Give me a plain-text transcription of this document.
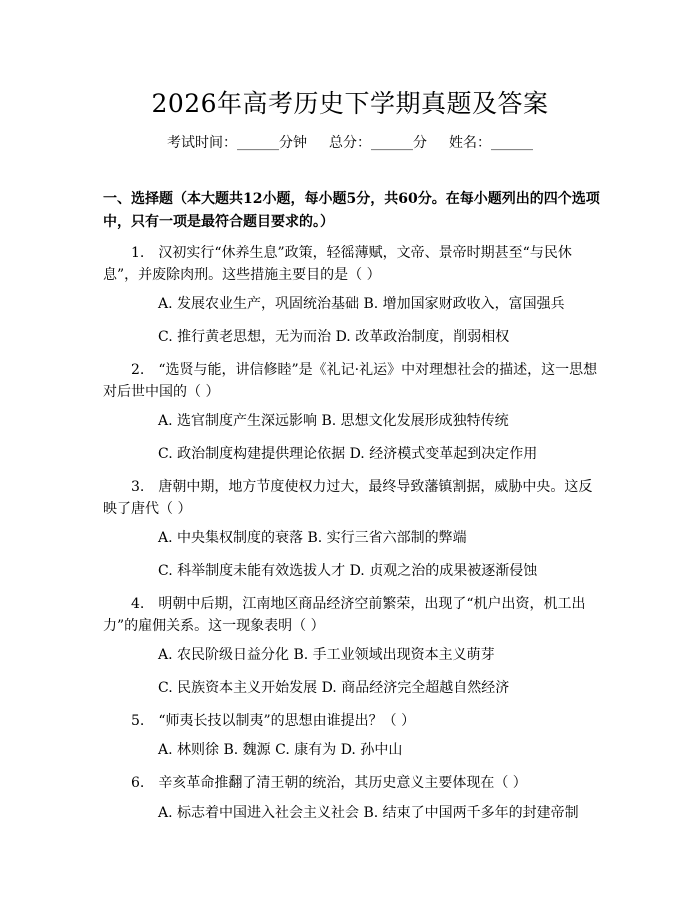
2026年高考历史下学期真题及答案
考试时间：______分钟 总分：______分 姓名：______
一、选择题（本大题共12小题，每小题5分，共60分。在每小题列出的四个选项中，只有一项是最符合题目要求的。）
1.　汉初实行“休养生息”政策，轻徭薄赋，文帝、景帝时期甚至“与民休息”，并废除肉刑。这些措施主要目的是（ ）
A. 发展农业生产，巩固统治基础 B. 增加国家财政收入，富国强兵
C. 推行黄老思想，无为而治 D. 改革政治制度，削弱相权
2.　“选贤与能，讲信修睦”是《礼记·礼运》中对理想社会的描述，这一思想对后世中国的（ ）
A. 选官制度产生深远影响 B. 思想文化发展形成独特传统
C. 政治制度构建提供理论依据 D. 经济模式变革起到决定作用
3.　唐朝中期，地方节度使权力过大，最终导致藩镇割据，威胁中央。这反映了唐代（ ）
A. 中央集权制度的衰落 B. 实行三省六部制的弊端
C. 科举制度未能有效选拔人才 D. 贞观之治的成果被逐渐侵蚀
4.　明朝中后期，江南地区商品经济空前繁荣，出现了“机户出资，机工出力”的雇佣关系。这一现象表明（ ）
A. 农民阶级日益分化 B. 手工业领域出现资本主义萌芽
C. 民族资本主义开始发展 D. 商品经济完全超越自然经济
5.　“师夷长技以制夷”的思想由谁提出？（ ）
A. 林则徐 B. 魏源 C. 康有为 D. 孙中山
6.　辛亥革命推翻了清王朝的统治，其历史意义主要体现在（ ）
A. 标志着中国进入社会主义社会 B. 结束了中国两千多年的封建帝制
